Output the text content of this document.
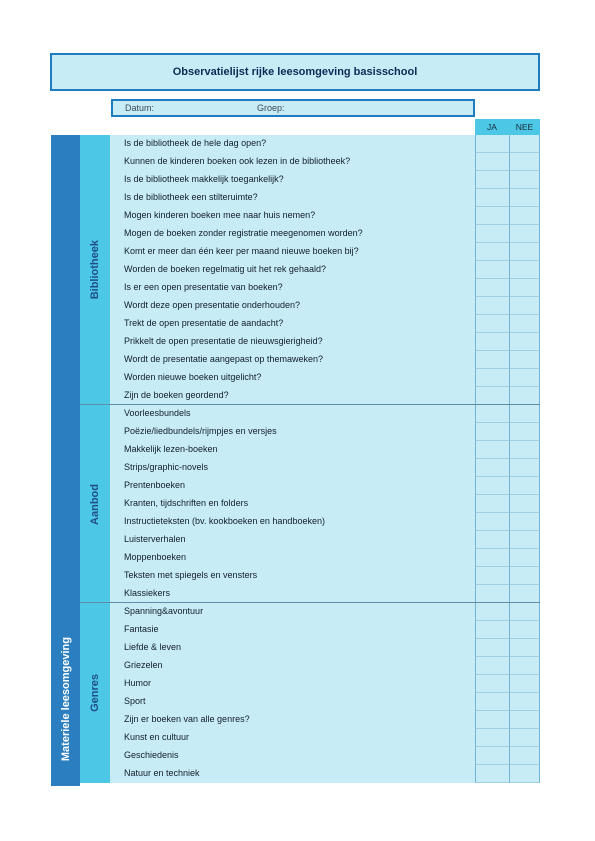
Observatielijst rijke leesomgeving basisschool
Datum:	Groep:
JA NEE
Materiele leesomgeving
Bibliotheek
Aanbod
Genres
Is de bibliotheek de hele dag open?
Kunnen de kinderen boeken ook lezen in de bibliotheek?
Is de bibliotheek makkelijk toegankelijk?
Is de bibliotheek een stilteruimte?
Mogen kinderen boeken mee naar huis nemen?
Mogen de boeken zonder registratie meegenomen worden?
Komt er meer dan één keer per maand nieuwe boeken bij?
Worden de boeken regelmatig uit het rek gehaald?
Is er een open presentatie van boeken?
Wordt deze open presentatie onderhouden?
Trekt de open presentatie de aandacht?
Prikkelt de open presentatie de nieuwsgierigheid?
Wordt de presentatie aangepast op themaweken?
Worden nieuwe boeken uitgelicht?
Zijn de boeken geordend?
Voorleesbundels
Poëzie/liedbundels/rijmpjes en versjes
Makkelijk lezen-boeken
Strips/graphic-novels
Prentenboeken
Kranten, tijdschriften en folders
Instructieteksten (bv. kookboeken en handboeken)
Luisterverhalen
Moppenboeken
Teksten met spiegels en vensters
Klassiekers
Spanning&avontuur
Fantasie
Liefde & leven
Griezelen
Humor
Sport
Zijn er boeken van alle genres?
Kunst en cultuur
Geschiedenis
Natuur en techniek
